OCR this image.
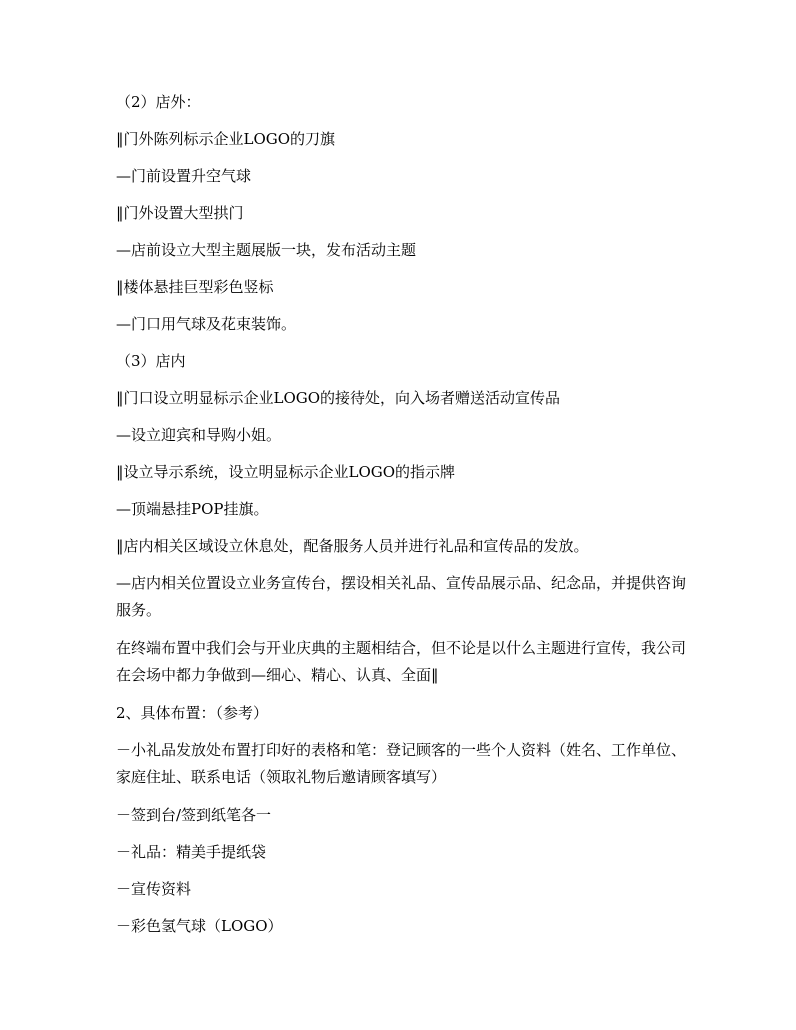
（2）店外：

‖门外陈列标示企业LOGO的刀旗

—门前设置升空气球

‖门外设置大型拱门

—店前设立大型主题展版一块，发布活动主题

‖楼体悬挂巨型彩色竖标

—门口用气球及花束装饰。

（3）店内

‖门口设立明显标示企业LOGO的接待处，向入场者赠送活动宣传品

—设立迎宾和导购小姐。

‖设立导示系统，设立明显标示企业LOGO的指示牌

—顶端悬挂POP挂旗。

‖店内相关区域设立休息处，配备服务人员并进行礼品和宣传品的发放。

—店内相关位置设立业务宣传台，摆设相关礼品、宣传品展示品、纪念品，并提供咨询服务。

在终端布置中我们会与开业庆典的主题相结合，但不论是以什么主题进行宣传，我公司在会场中都力争做到—细心、精心、认真、全面‖

2、具体布置：（参考）

－小礼品发放处布置打印好的表格和笔：登记顾客的一些个人资料（姓名、工作单位、家庭住址、联系电话（领取礼物后邀请顾客填写）

－签到台/签到纸笔各一

－礼品：精美手提纸袋

－宣传资料

－彩色氢气球（LOGO）
